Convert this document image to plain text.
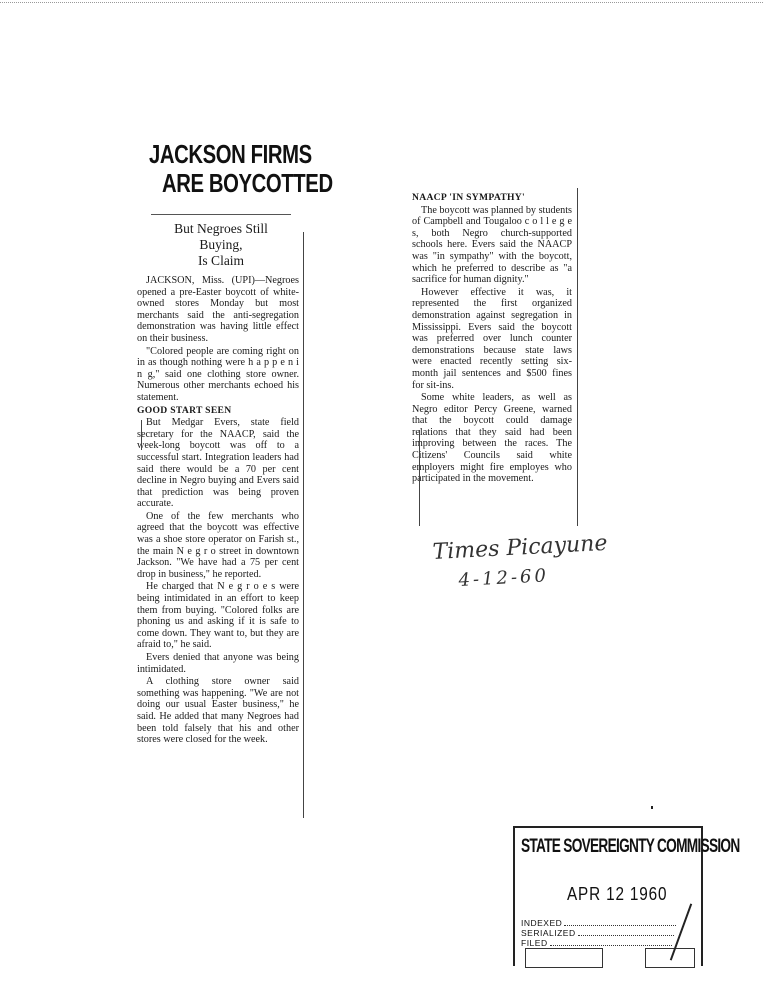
JACKSON FIRMS
ARE BOYCOTTED
But Negroes Still Buying,
Is Claim

JACKSON, Miss. (UPI)—Negroes opened a pre-Easter boycott of white-owned stores Monday but most merchants said the anti-segregation demonstration was having little effect on their business.

"Colored people are coming right on in as though nothing were h a p p e n i n g," said one clothing store owner. Numerous other merchants echoed his statement.

GOOD START SEEN

But Medgar Evers, state field secretary for the NAACP, said the week-long boycott was off to a successful start. Integration leaders had said there would be a 70 per cent decline in Negro buying and Evers said that prediction was being proven accurate.

One of the few merchants who agreed that the boycott was effective was a shoe store operator on Farish st., the main N e g r o street in downtown Jackson. "We have had a 75 per cent drop in business," he reported.

He charged that N e g r o e s were being intimidated in an effort to keep them from buying. "Colored folks are phoning us and asking if it is safe to come down. They want to, but they are afraid to," he said.

Evers denied that anyone was being intimidated.

A clothing store owner said something was happening. "We are not doing our usual Easter business," he said. He added that many Negroes had been told falsely that his and other stores were closed for the week.

NAACP 'IN SYMPATHY'

The boycott was planned by students of Campbell and Tougaloo c o l l e g e s, both Negro church-supported schools here. Evers said the NAACP was "in sympathy" with the boycott, which he preferred to describe as "a sacrifice for human dignity."

However effective it was, it represented the first organized demonstration against segregation in Mississippi. Evers said the boycott was preferred over lunch counter demonstrations because state laws were enacted recently setting six-month jail sentences and $500 fines for sit-ins.

Some white leaders, as well as Negro editor Percy Greene, warned that the boycott could damage relations that they said had been improving between the races. The Citizens' Councils said white employers might fire employes who participated in the movement.

Times Picayune
4-12-60
STATE SOVEREIGNTY COMMISSION
APR 12 1960
INDEXED
SERIALIZED
FILED
